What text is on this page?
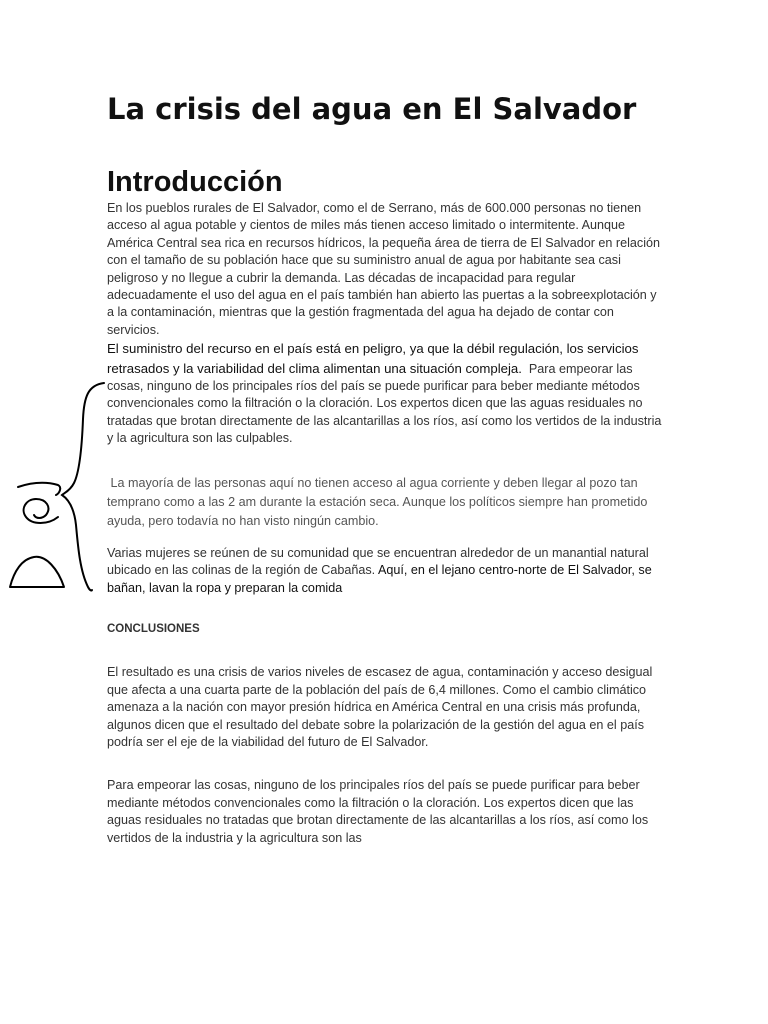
La crisis del agua en El Salvador
Introducción

En los pueblos rurales de El Salvador, como el de Serrano, más de 600.000 personas no tienen acceso al agua potable y cientos de miles más tienen acceso limitado o intermitente. Aunque América Central sea rica en recursos hídricos, la pequeña área de tierra de El Salvador en relación con el tamaño de su población hace que su suministro anual de agua por habitante sea casi peligroso y no llegue a cubrir la demanda. Las décadas de incapacidad para regular adecuadamente el uso del agua en el país también han abierto las puertas a la sobreexplotación y a la contaminación, mientras que la gestión fragmentada del agua ha dejado de contar con servicios.

El suministro del recurso en el país está en peligro, ya que la débil regulación, los servicios retrasados y la variabilidad del clima alimentan una situación compleja. Para empeorar las cosas, ninguno de los principales ríos del país se puede purificar para beber mediante métodos convencionales como la filtración o la cloración. Los expertos dicen que las aguas residuales no tratadas que brotan directamente de las alcantarillas a los ríos, así como los vertidos de la industria y la agricultura son las culpables.

La mayoría de las personas aquí no tienen acceso al agua corriente y deben llegar al pozo tan temprano como a las 2 am durante la estación seca. Aunque los políticos siempre han prometido ayuda, pero todavía no han visto ningún cambio.

Varias mujeres se reúnen de su comunidad que se encuentran alrededor de un manantial natural ubicado en las colinas de la región de Cabañas. Aquí, en el lejano centro-norte de El Salvador, se bañan, lavan la ropa y preparan la comida

CONCLUSIONES

El resultado es una crisis de varios niveles de escasez de agua, contaminación y acceso desigual que afecta a una cuarta parte de la población del país de 6,4 millones. Como el cambio climático amenaza a la nación con mayor presión hídrica en América Central en una crisis más profunda, algunos dicen que el resultado del debate sobre la polarización de la gestión del agua en el país podría ser el eje de la viabilidad del futuro de El Salvador.

Para empeorar las cosas, ninguno de los principales ríos del país se puede purificar para beber mediante métodos convencionales como la filtración o la cloración. Los expertos dicen que las aguas residuales no tratadas que brotan directamente de las alcantarillas a los ríos, así como los vertidos de la industria y la agricultura son las
